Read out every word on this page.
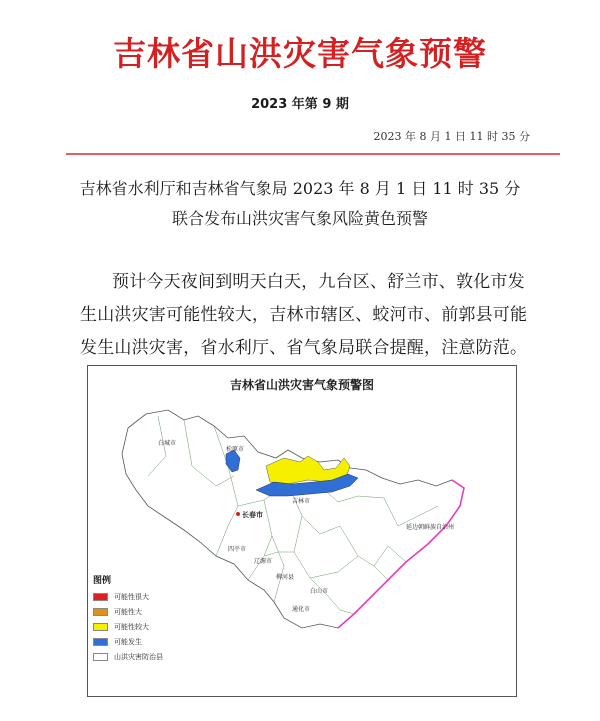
吉林省山洪灾害气象预警
2023 年第 9 期
2023 年 8 月 1 日 11 时 35 分
吉林省水利厅和吉林省气象局 2023 年 8 月 1 日 11 时 35 分
联合发布山洪灾害气象风险黄色预警
预计今天夜间到明天白天，九台区、舒兰市、敦化市发
生山洪灾害可能性较大，吉林市辖区、蛟河市、前郭县可能
发生山洪灾害，省水利厅、省气象局联合提醒，注意防范。
吉林省山洪灾害气象预警图
白城市
松原市
长春市
吉林市
四平市
辽源市
白山市
通化市
柳河县
延边朝鲜族自治州
图例
可能性很大
可能性大
可能性较大
可能发生
山洪灾害防治县
